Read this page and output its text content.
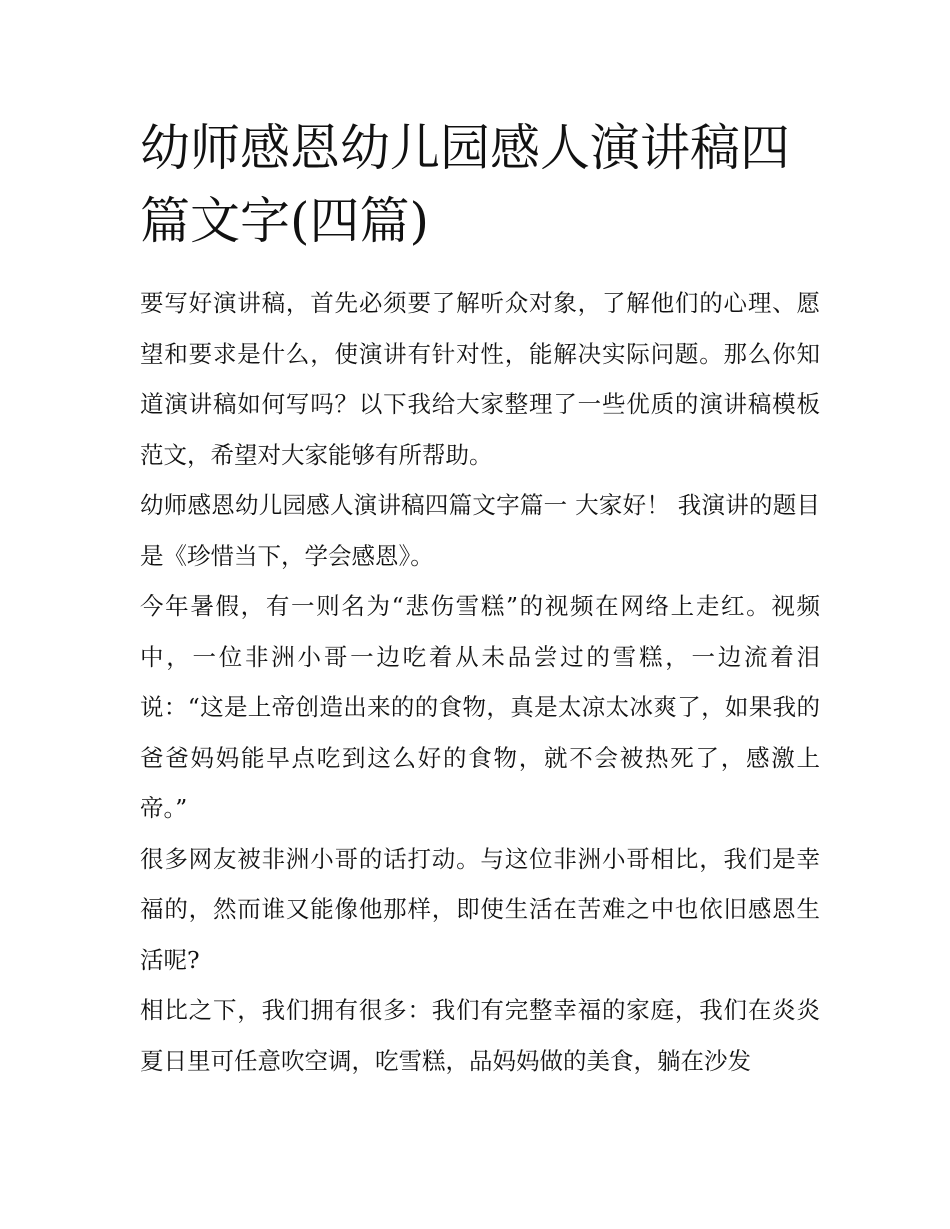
幼师感恩幼儿园感人演讲稿四篇文字(四篇)

要写好演讲稿，首先必须要了解听众对象，了解他们的心理、愿望和要求是什么，使演讲有针对性，能解决实际问题。那么你知道演讲稿如何写吗？以下我给大家整理了一些优质的演讲稿模板范文，希望对大家能够有所帮助。

幼师感恩幼儿园感人演讲稿四篇文字篇一 大家好！ 我演讲的题目是《珍惜当下，学会感恩》。

今年暑假，有一则名为“悲伤雪糕”的视频在网络上走红。视频中，一位非洲小哥一边吃着从未品尝过的雪糕，一边流着泪说：“这是上帝创造出来的的食物，真是太凉太冰爽了，如果我的爸爸妈妈能早点吃到这么好的食物，就不会被热死了，感激上帝。”

很多网友被非洲小哥的话打动。与这位非洲小哥相比，我们是幸福的，然而谁又能像他那样，即使生活在苦难之中也依旧感恩生活呢?

相比之下，我们拥有很多：我们有完整幸福的家庭，我们在炎炎夏日里可任意吹空调，吃雪糕，品妈妈做的美食，躺在沙发
